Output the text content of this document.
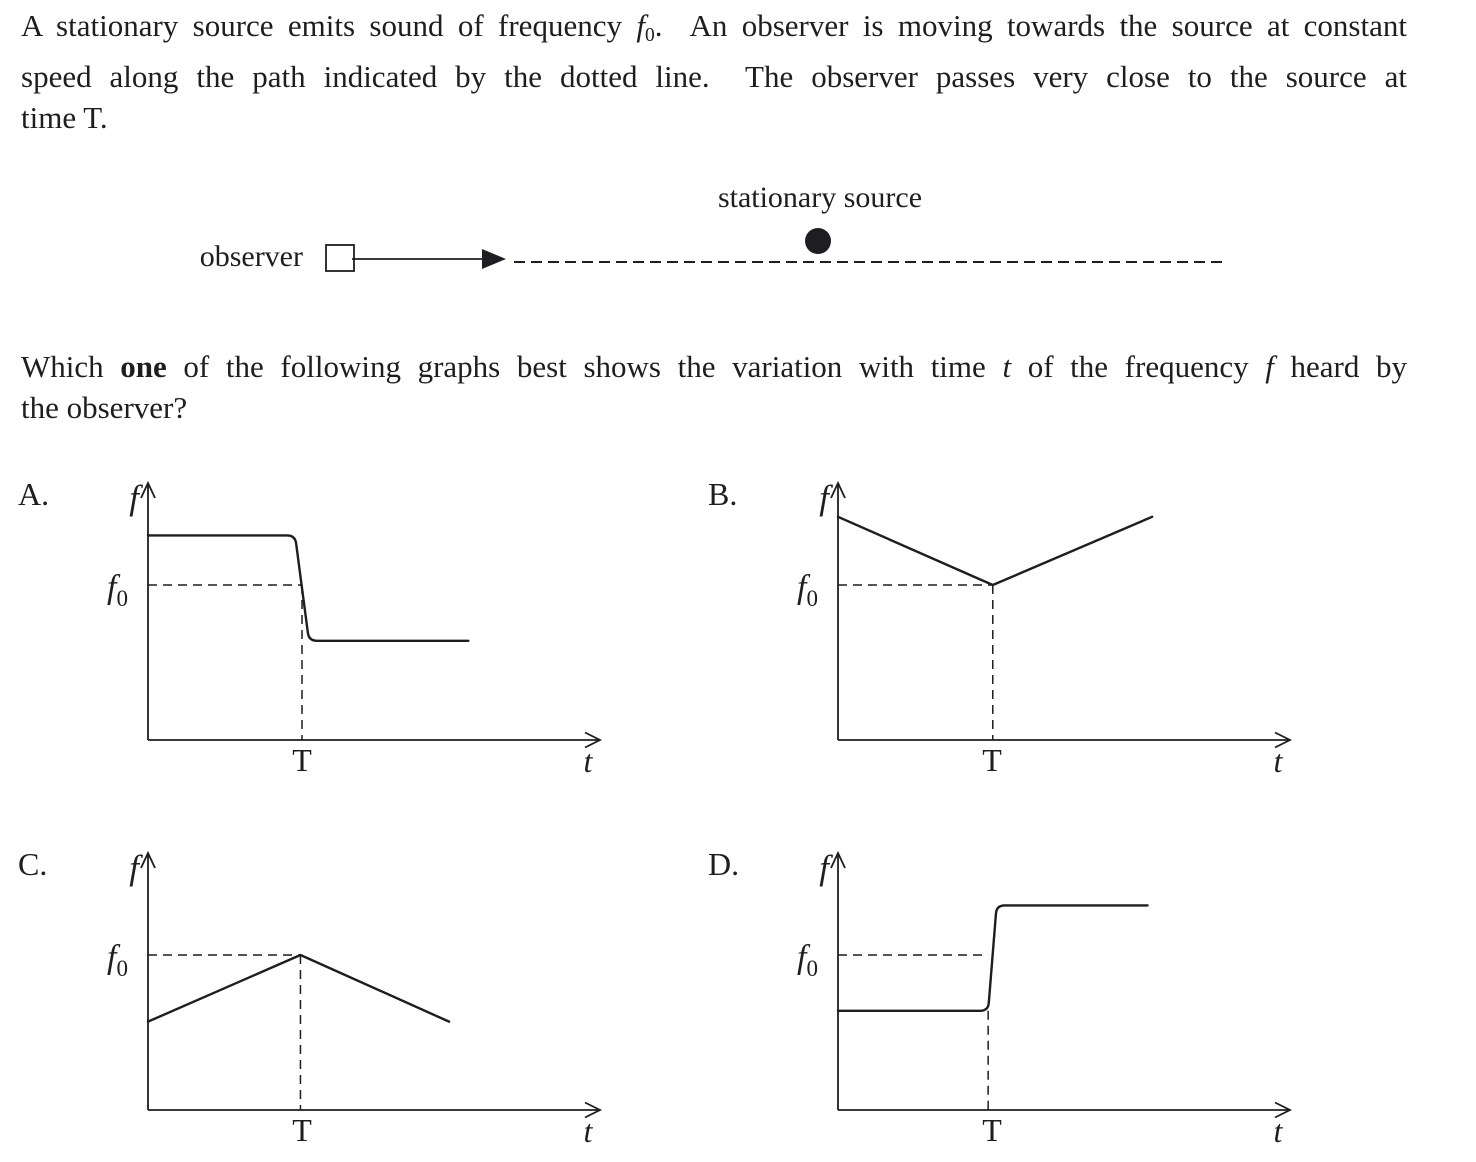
A stationary source emits sound of frequency f0.  An observer is moving towards the source at constant
speed along the path indicated by the dotted line.  The observer passes very close to the source at
time T.
stationary source
observer
Which one of the following graphs best shows the variation with time t of the frequency f heard by
the observer?
A.	B.
C.	D.
f
$f_0$
T	t
f
$f_0$
T	t
f
$f_0$
T	t
f
$f_0$
T	t
